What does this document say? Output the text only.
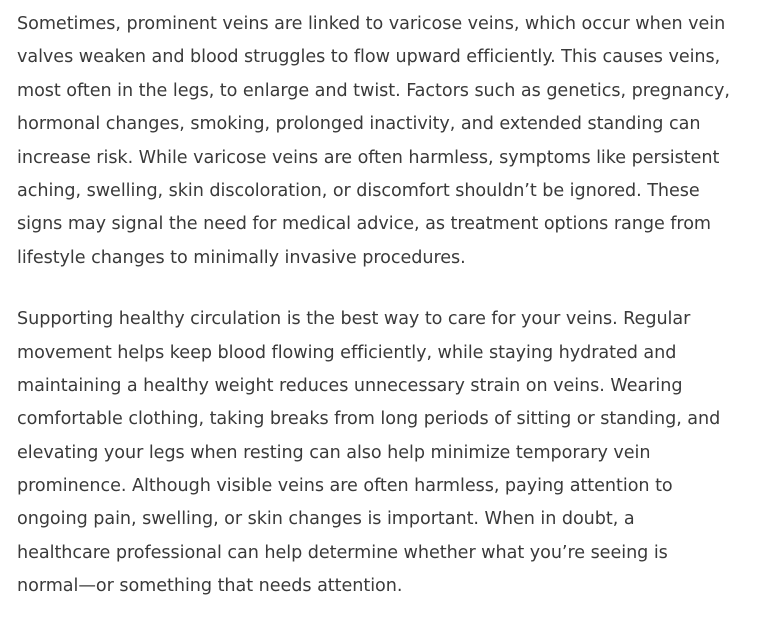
Sometimes, prominent veins are linked to varicose veins, which occur when vein
valves weaken and blood struggles to flow upward efficiently. This causes veins,
most often in the legs, to enlarge and twist. Factors such as genetics, pregnancy,
hormonal changes, smoking, prolonged inactivity, and extended standing can
increase risk. While varicose veins are often harmless, symptoms like persistent
aching, swelling, skin discoloration, or discomfort shouldn’t be ignored. These
signs may signal the need for medical advice, as treatment options range from
lifestyle changes to minimally invasive procedures.
Supporting healthy circulation is the best way to care for your veins. Regular
movement helps keep blood flowing efficiently, while staying hydrated and
maintaining a healthy weight reduces unnecessary strain on veins. Wearing
comfortable clothing, taking breaks from long periods of sitting or standing, and
elevating your legs when resting can also help minimize temporary vein
prominence. Although visible veins are often harmless, paying attention to
ongoing pain, swelling, or skin changes is important. When in doubt, a
healthcare professional can help determine whether what you’re seeing is
normal—or something that needs attention.
